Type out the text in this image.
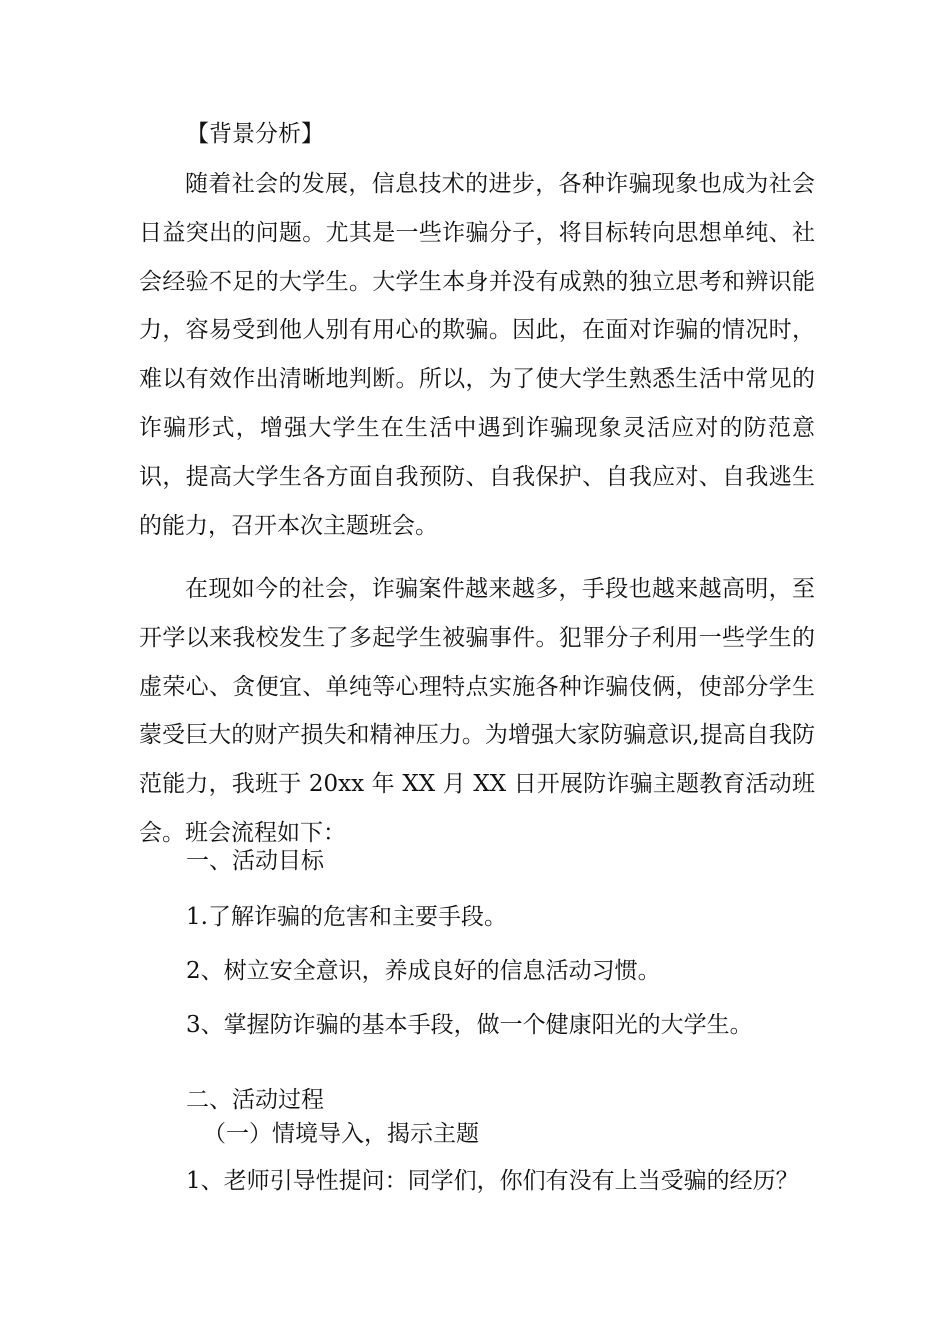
【背景分析】

随着社会的发展，信息技术的进步，各种诈骗现象也成为社会日益突出的问题。尤其是一些诈骗分子，将目标转向思想单纯、社会经验不足的大学生。大学生本身并没有成熟的独立思考和辨识能力，容易受到他人别有用心的欺骗。因此，在面对诈骗的情况时，难以有效作出清晰地判断。所以，为了使大学生熟悉生活中常见的诈骗形式，增强大学生在生活中遇到诈骗现象灵活应对的防范意识，提高大学生各方面自我预防、自我保护、自我应对、自我逃生的能力，召开本次主题班会。

在现如今的社会，诈骗案件越来越多，手段也越来越高明，至开学以来我校发生了多起学生被骗事件。犯罪分子利用一些学生的虚荣心、贪便宜、单纯等心理特点实施各种诈骗伎俩，使部分学生蒙受巨大的财产损失和精神压力。为增强大家防骗意识,提高自我防范能力，我班于 20xx 年 XX 月 XX 日开展防诈骗主题教育活动班会。班会流程如下：

一、活动目标

1.了解诈骗的危害和主要手段。

2、树立安全意识，养成良好的信息活动习惯。

3、掌握防诈骗的基本手段，做一个健康阳光的大学生。

二、活动过程

（一）情境导入，揭示主题

1、老师引导性提问：同学们，你们有没有上当受骗的经历？
